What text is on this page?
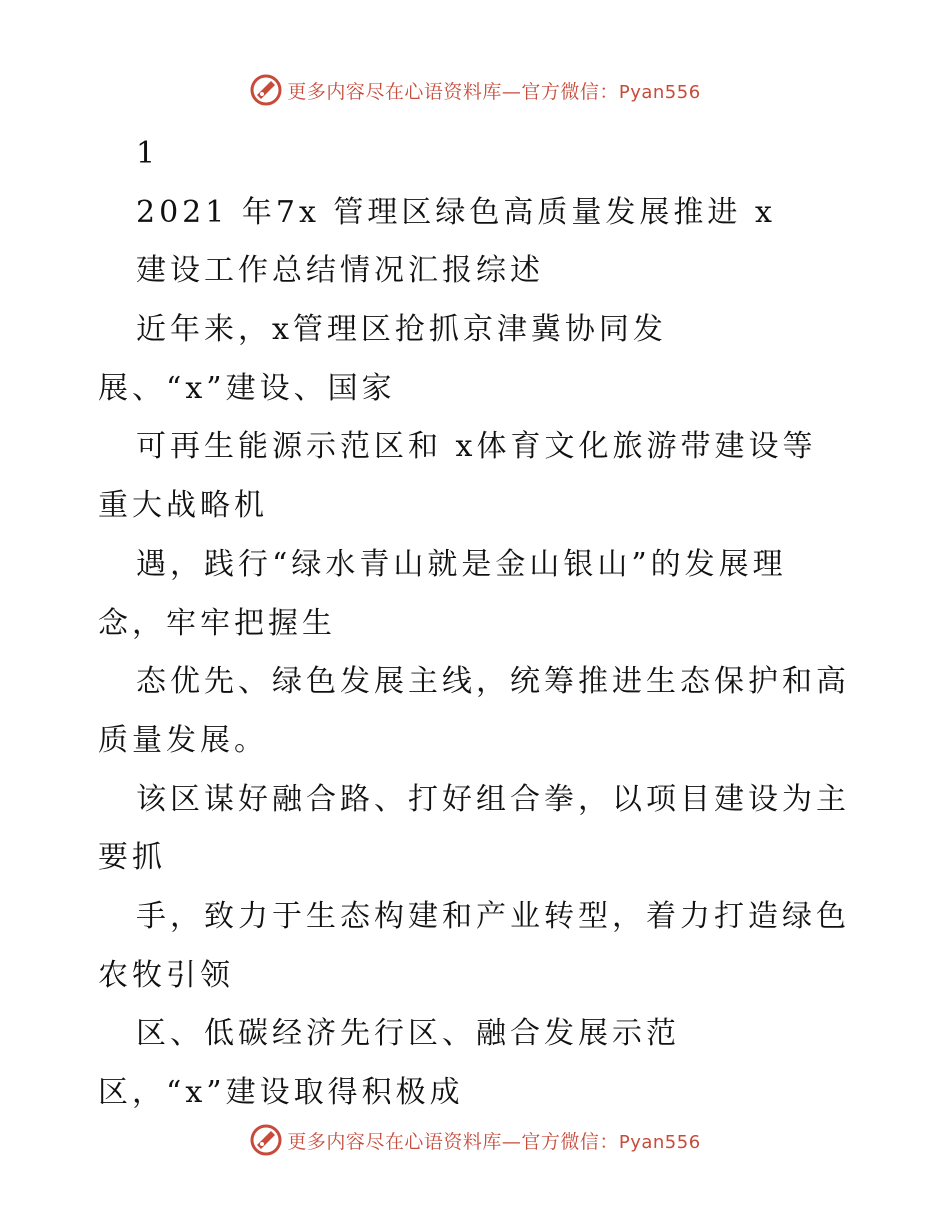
更多内容尽在心语资料库—官方微信：Pyan556
1
2021 年7x 管理区绿色高质量发展推进 x
建设工作总结情况汇报综述
近年来，x管理区抢抓京津冀协同发
展、“x”建设、国家
可再生能源示范区和 x体育文化旅游带建设等
重大战略机
遇，践行“绿水青山就是金山银山”的发展理
念，牢牢把握生
态优先、绿色发展主线，统筹推进生态保护和高
质量发展。
该区谋好融合路、打好组合拳，以项目建设为主
要抓
手，致力于生态构建和产业转型，着力打造绿色
农牧引领
区、低碳经济先行区、融合发展示范
区，“x”建设取得积极成
更多内容尽在心语资料库—官方微信：Pyan556
